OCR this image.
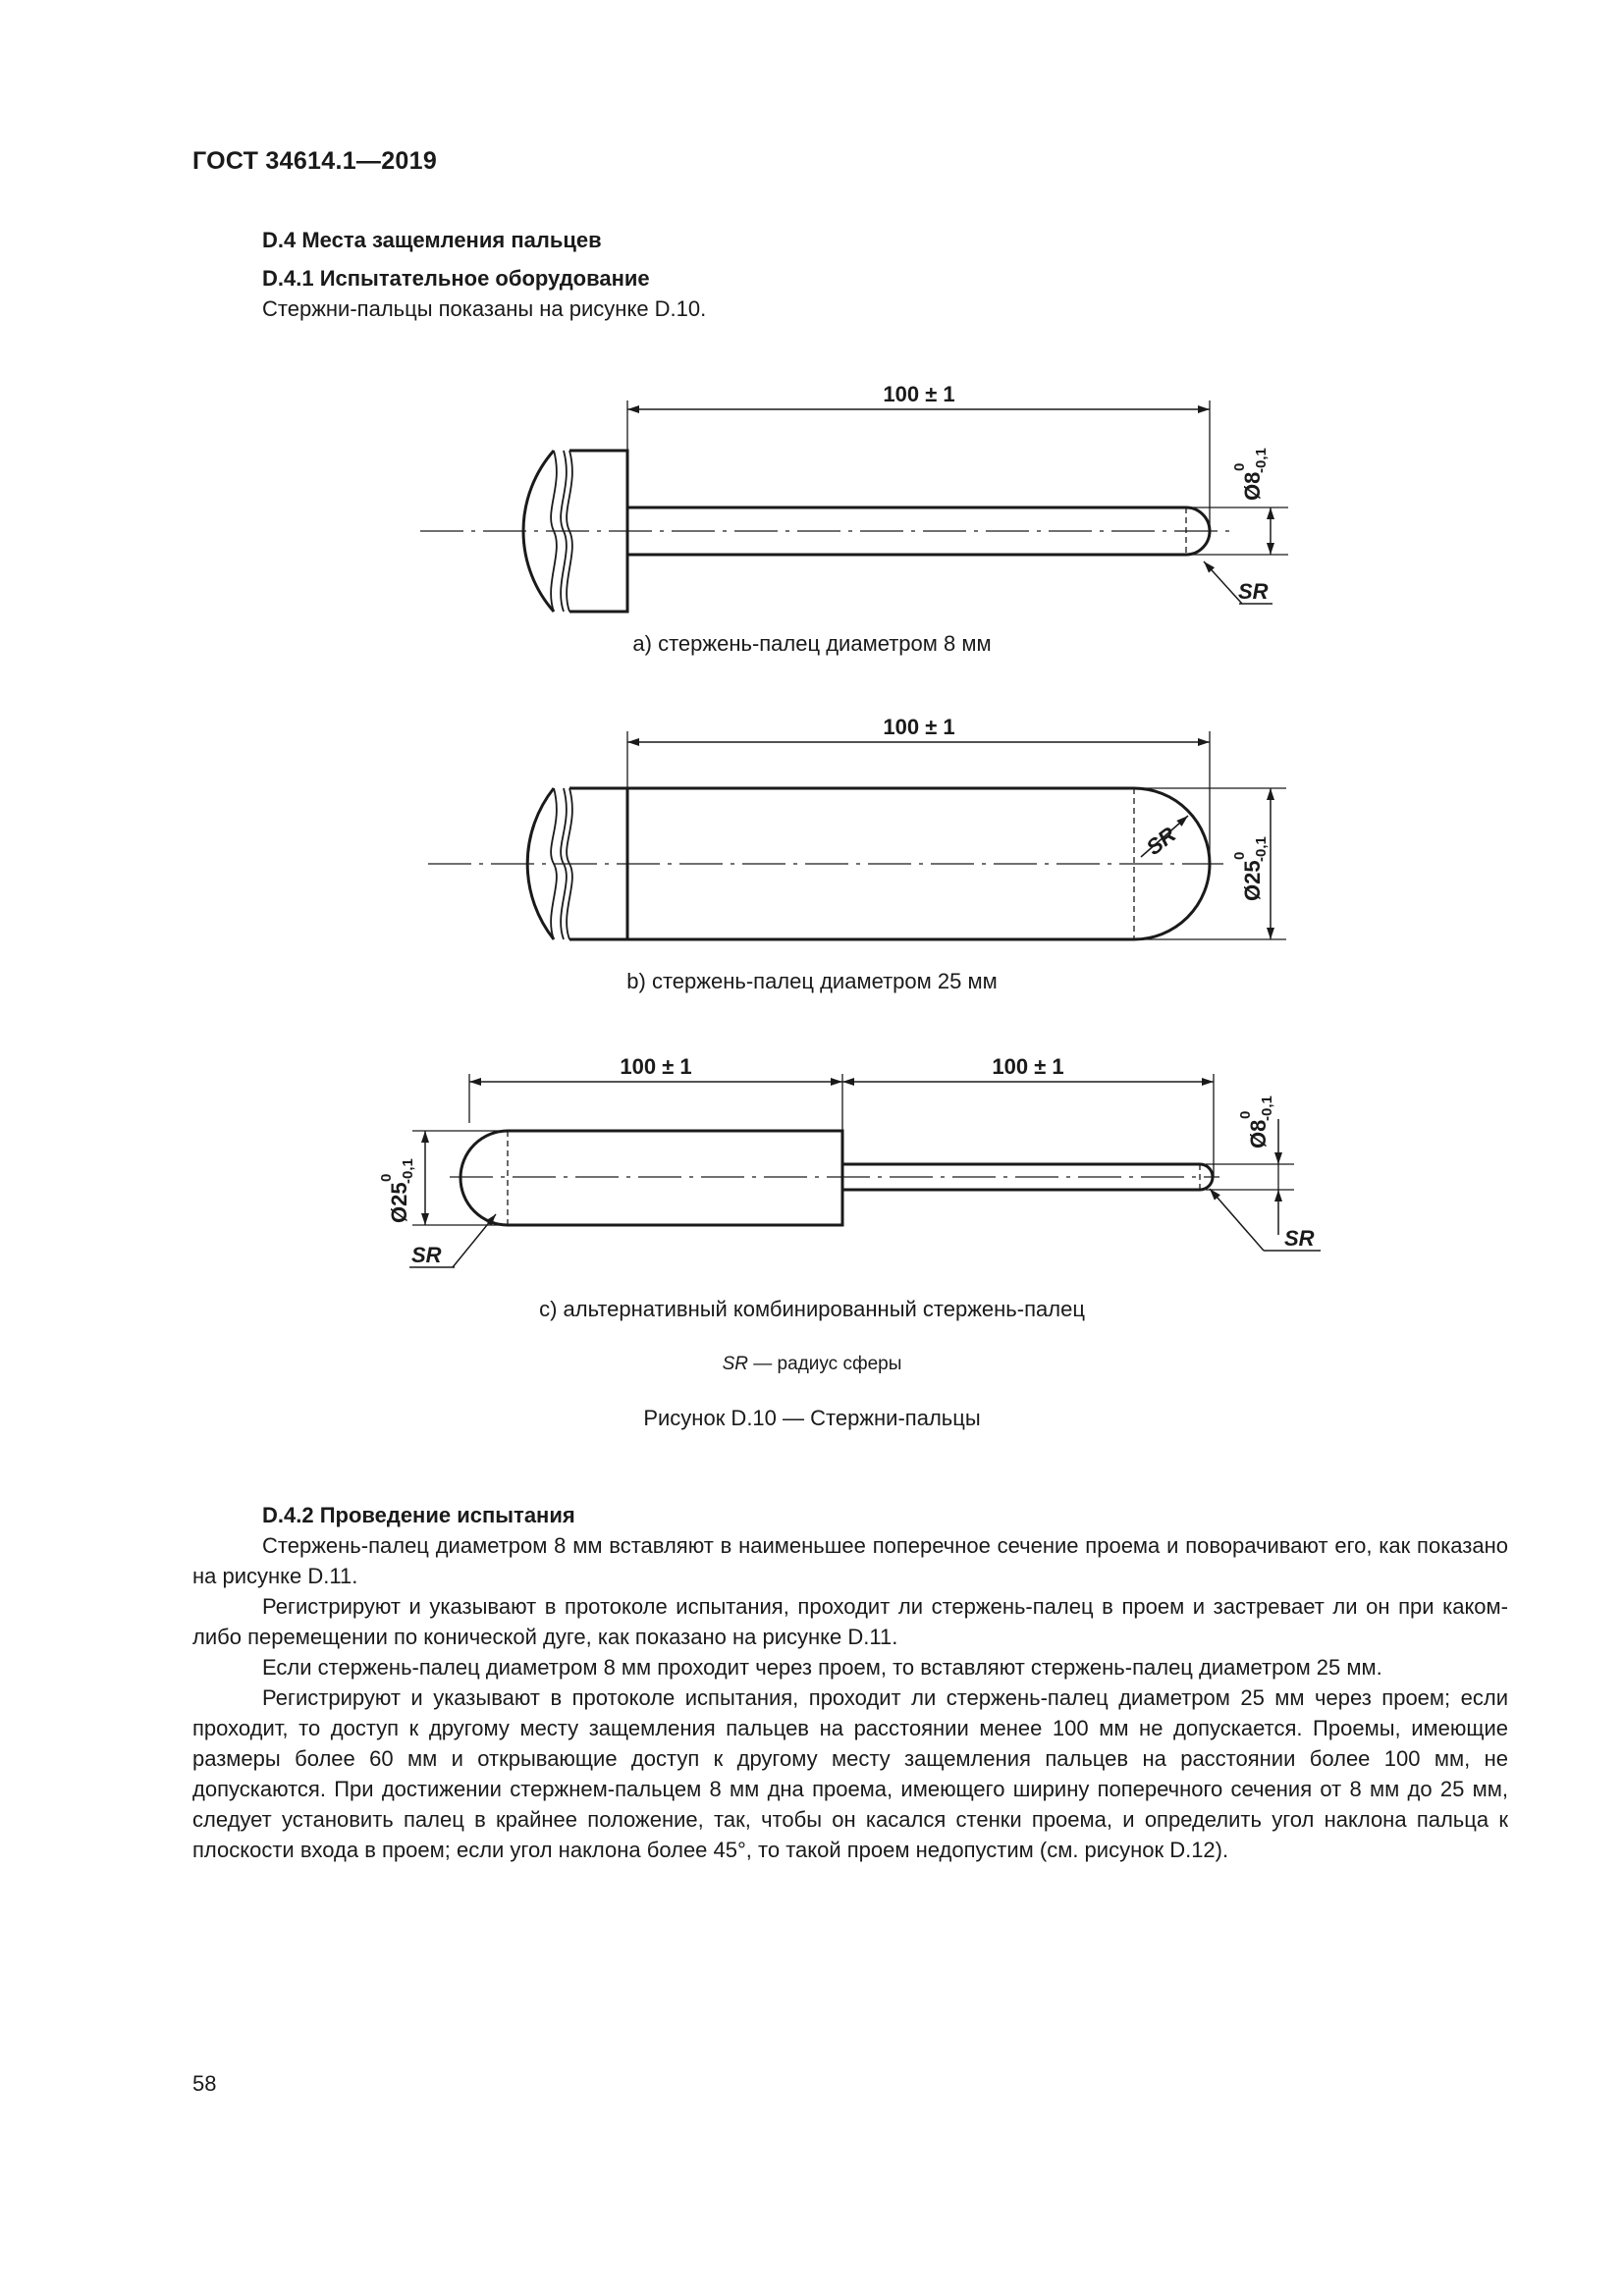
ГОСТ 34614.1—2019
D.4 Места защемления пальцев
D.4.1 Испытательное оборудование
Стержни-пальцы показаны на рисунке D.10.
100 ± 1
Ø8
0 -0,1
SR
100 ± 1
SR
Ø25
0 -0,1
100 ± 1	100 ± 1
Ø25
0 -0,1
Ø8
0 -0,1
SR
SR
a) стержень-палец диаметром 8 мм
b) стержень-палец диаметром 25 мм
c) альтернативный комбинированный стержень-палец
SR — радиус сферы
Рисунок D.10 — Стержни-пальцы
D.4.2 Проведение испытания

Стержень-палец диаметром 8 мм вставляют в наименьшее поперечное сечение проема и поворачивают его, как показано на рисунке D.11.

Регистрируют и указывают в протоколе испытания, проходит ли стержень-палец в проем и застревает ли он при каком-либо перемещении по конической дуге, как показано на рисунке D.11.

Если стержень-палец диаметром 8 мм проходит через проем, то вставляют стержень-палец диаметром 25 мм.

Регистрируют и указывают в протоколе испытания, проходит ли стержень-палец диаметром 25 мм через проем; если проходит, то доступ к другому месту защемления пальцев на расстоянии менее 100 мм не допускается. Проемы, имеющие размеры более 60 мм и открывающие доступ к другому месту защемления пальцев на расстоянии более 100 мм, не допускаются. При достижении стержнем-пальцем 8 мм дна проема, имеющего ширину поперечного сечения от 8 мм до 25 мм, следует установить палец в крайнее положение, так, чтобы он касался стенки проема, и определить угол наклона пальца к плоскости входа в проем; если угол наклона более 45°, то такой проем недопустим (см. рисунок D.12).

58
